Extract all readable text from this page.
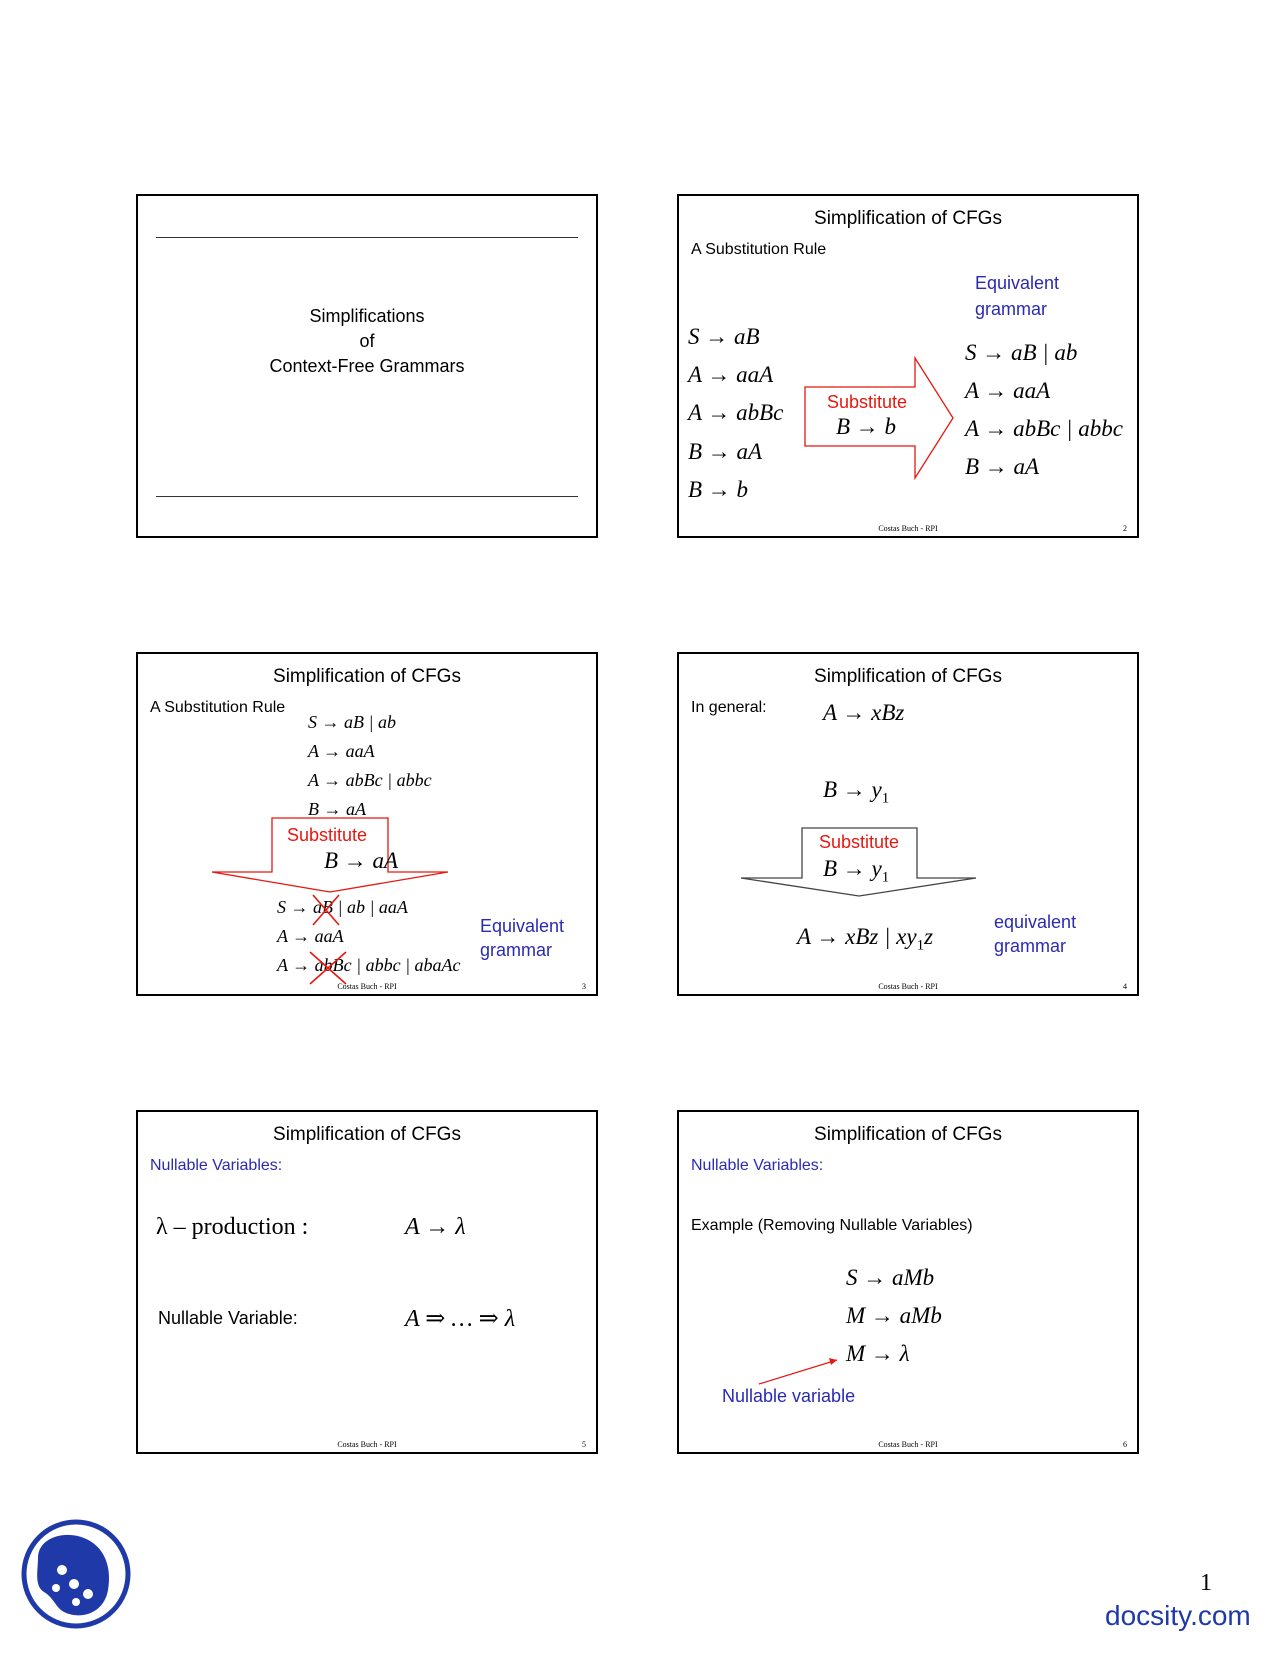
Simplifications
of
Context-Free Grammars
Simplification of CFGs
A Substitution Rule
S → aB
A → aaA
A → abBc
B → aA
B → b
Substitute
B → b
Equivalent
grammar
S → aB | ab
A → aaA
A → abBc | abbc
B → aA
Costas Buch - RPI	2
Simplification of CFGs
A Substitution Rule
S → aB | ab
A → aaA
A → abBc | abbc
B → aA
Substitute
B → aA
S → aB | ab | aaA
A → aaA
A → abBc | abbc | abaAc
Equivalent
grammar
Costas Buch - RPI	3
Simplification of CFGs
In general: A → xBz
$B \to y_1$
Substitute
$B \to y_1$
A → xBz | $xy_1z$
equivalent
grammar
Costas Buch - RPI	4
Simplification of CFGs
Nullable Variables:
λ – production :	A → λ
Nullable Variable:	A ⇒ … ⇒ λ
Costas Buch - RPI	5
Simplification of CFGs
Nullable Variables:
Example (Removing Nullable Variables)
S → aMb
M → aMb
M → λ
Nullable variable
Costas Buch - RPI	6
1
docsity.com
